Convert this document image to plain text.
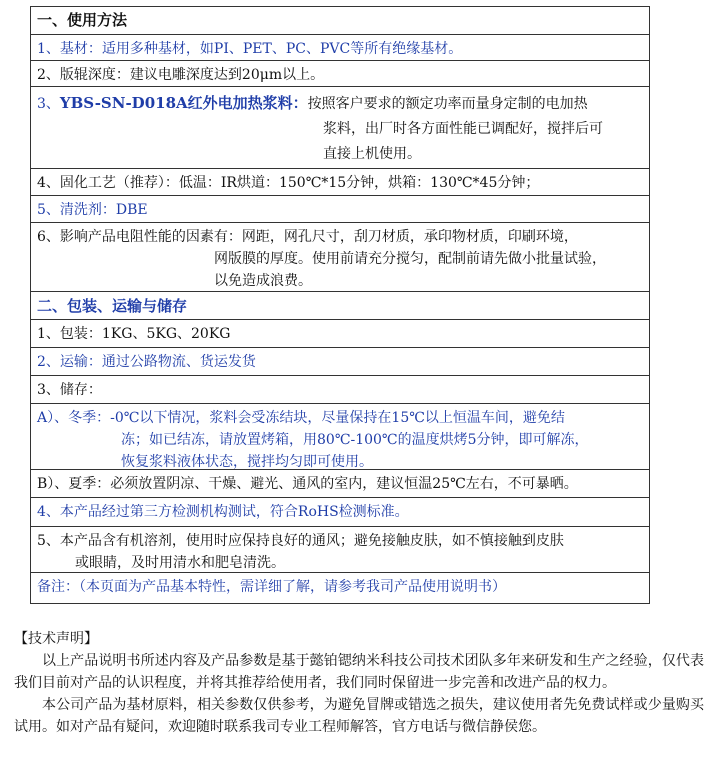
一、使用方法
1、基材：适用多种基材，如PI、PET、PC、PVC等所有绝缘基材。
2、版辊深度：建议电雕深度达到20μm以上。
3、YBS-SN-D018A红外电加热浆料：按照客户要求的额定功率而量身定制的电加热
浆料，出厂时各方面性能已调配好，搅拌后可
直接上机使用。
4、固化工艺（推荐）：低温：IR烘道：150℃*15分钟，烘箱：130℃*45分钟；
5、清洗剂：DBE
6、影响产品电阻性能的因素有：网距，网孔尺寸，刮刀材质，承印物材质，印刷环境，
网版膜的厚度。使用前请充分搅匀，配制前请先做小批量试验，
以免造成浪费。
二、包装、运输与储存
1、包装：1KG、5KG、20KG
2、运输：通过公路物流、货运发货
3、储存：
A）、冬季：-0℃以下情况，浆料会受冻结块，尽量保持在15℃以上恒温车间，避免结
冻；如已结冻，请放置烤箱，用80℃-100℃的温度烘烤5分钟，即可解冻，
恢复浆料液体状态，搅拌均匀即可使用。
B）、夏季：必须放置阴凉、干燥、避光、通风的室内，建议恒温25℃左右，不可暴晒。
4、本产品经过第三方检测机构测试，符合RoHS检测标准。
5、本产品含有机溶剂，使用时应保持良好的通风；避免接触皮肤，如不慎接触到皮肤
或眼睛，及时用清水和肥皂清洗。
备注：（本页面为产品基本特性，需详细了解，请参考我司产品使用说明书）

【技术声明】

以上产品说明书所述内容及产品参数是基于懿铂锶纳米科技公司技术团队多年来研发和生产之经验，仅代表我们目前对产品的认识程度，并将其推荐给使用者，我们同时保留进一步完善和改进产品的权力。

本公司产品为基材原料，相关参数仅供参考，为避免冒牌或错选之损失，建议使用者先免费试样或少量购买试用。如对产品有疑问，欢迎随时联系我司专业工程师解答，官方电话与微信静侯您。
